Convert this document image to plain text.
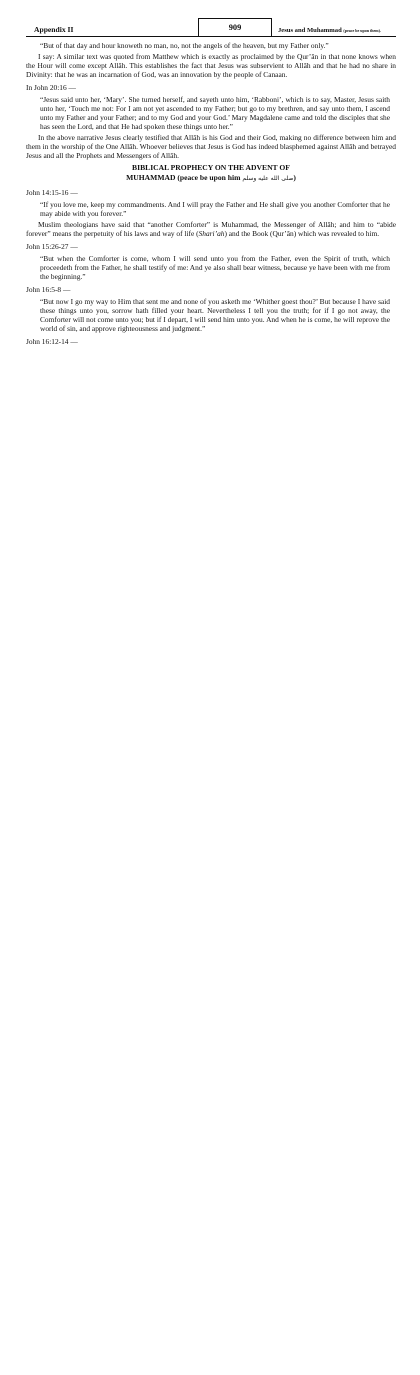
Appendix II	909	Jesus and Muhammad (peace be upon them).

“But of that day and hour knoweth no man, no, not the angels of the heaven, but my Father only.”

I say: A similar text was quoted from Matthew which is exactly as proclaimed by the Qur’ân in that none knows when the Hour will come except Allâh. This establishes the fact that Jesus was subservient to Allâh and that he had no share in Divinity: that he was an incarnation of God, was an innovation by the people of Canaan.

In John 20:16 —

“Jesus said unto her, ‘Mary’. She turned herself, and sayeth unto him, ‘Rabboni’, which is to say, Master, Jesus saith unto her, ‘Touch me not: For I am not yet ascended to my Father; but go to my brethren, and say unto them, I ascend unto my Father and your Father; and to my God and your God.’ Mary Magdalene came and told the disciples that she has seen the Lord, and that He had spoken these things unto her.”

In the above narrative Jesus clearly testified that Allâh is his God and their God, making no difference between him and them in the worship of the One Allâh. Whoever believes that Jesus is God has indeed blasphemed against Allâh and betrayed Jesus and all the Prophets and Messengers of Allâh.

BIBLICAL PROPHECY ON THE ADVENT OF
MUHAMMAD (peace be upon him صلى الله عليه وسلم)

John 14:15-16 —

“If you love me, keep my commandments. And I will pray the Father and He shall give you another Comforter that he may abide with you forever.”

Muslim theologians have said that “another Comforter” is Muhammad, the Messenger of Allâh; and him to “abide forever” means the perpetuity of his laws and way of life (Shari’ah) and the Book (Qur’ân) which was revealed to him.

John 15:26-27 —

“But when the Comforter is come, whom I will send unto you from the Father, even the Spirit of truth, which proceedeth from the Father, he shall testify of me: And ye also shall bear witness, because ye have been with me from the beginning.”

John 16:5-8 —

“But now I go my way to Him that sent me and none of you asketh me ‘Whither goest thou?’ But because I have said these things unto you, sorrow hath filled your heart. Nevertheless I tell you the truth; for if I go not away, the Comforter will not come unto you; but if I depart, I will send him unto you. And when he is come, he will reprove the world of sin, and approve righteousness and judgment.”

John 16:12-14 —
